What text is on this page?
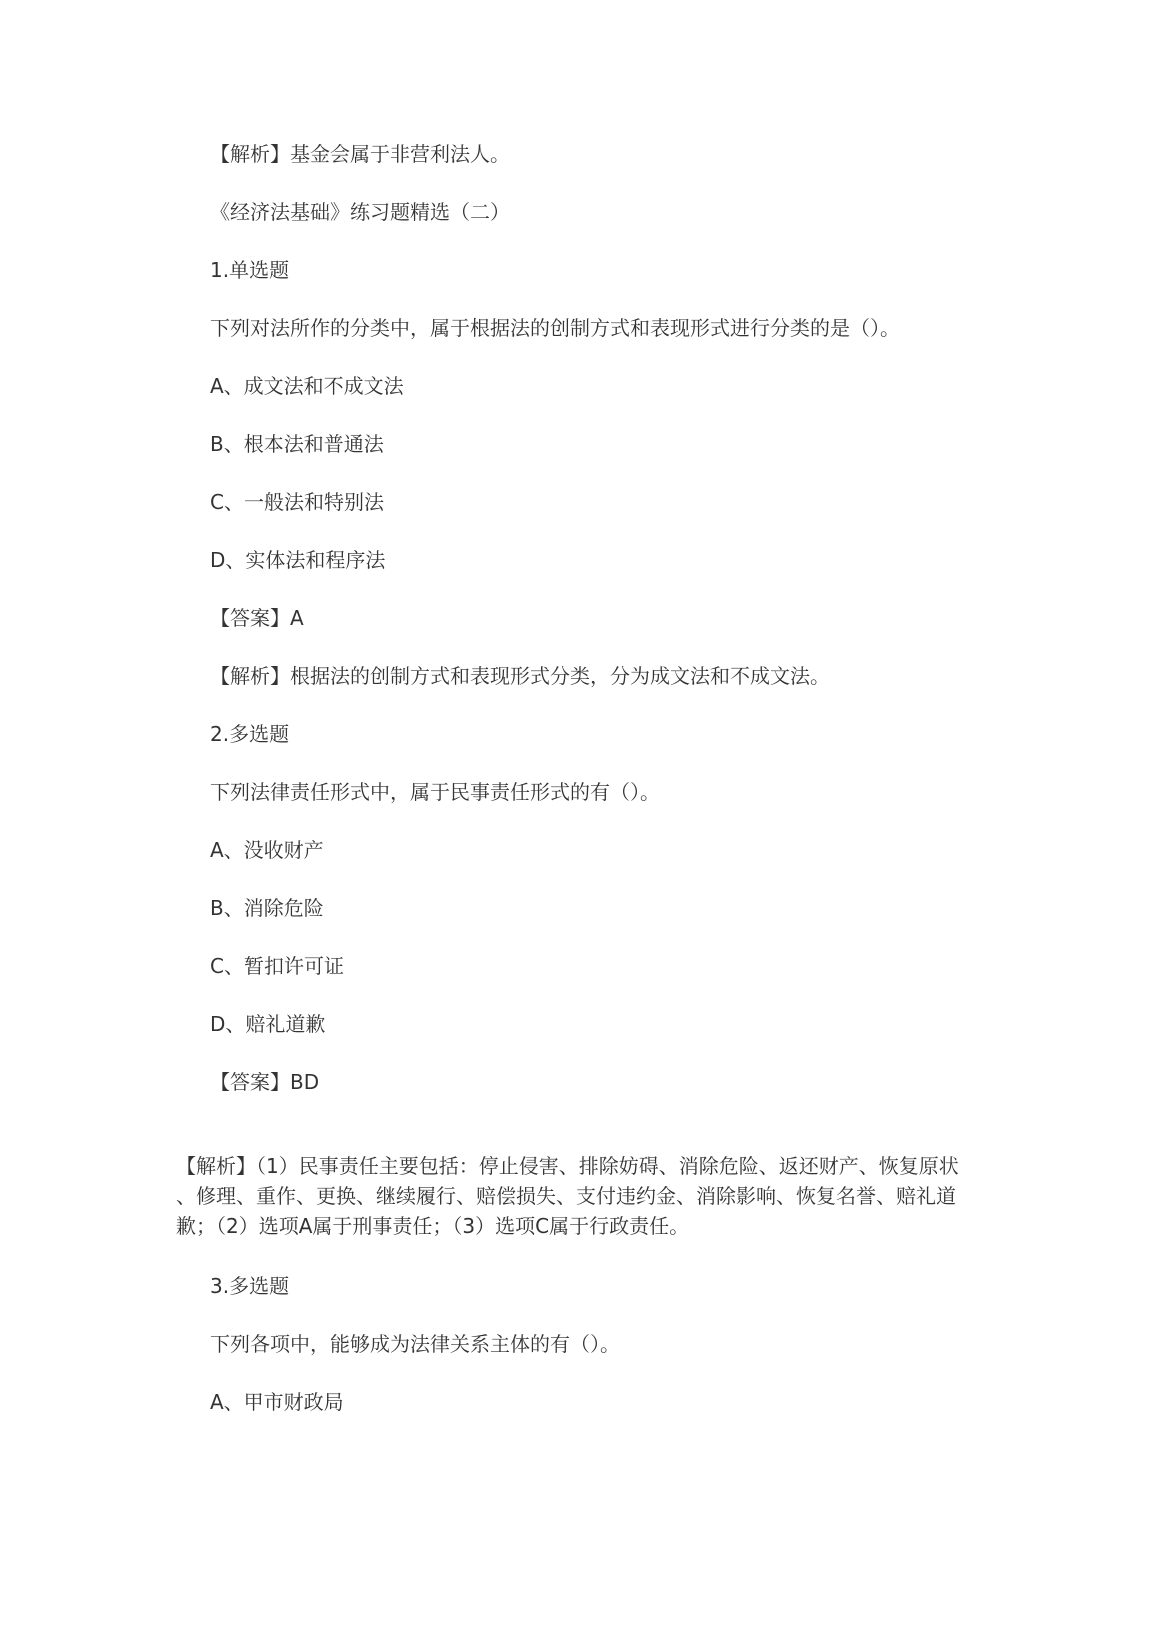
【解析】基金会属于非营利法人。
《经济法基础》练习题精选（二）
1.单选题
下列对法所作的分类中，属于根据法的创制方式和表现形式进行分类的是（）。
A、成文法和不成文法
B、根本法和普通法
C、一般法和特别法
D、实体法和程序法
【答案】A
【解析】根据法的创制方式和表现形式分类，分为成文法和不成文法。
2.多选题
下列法律责任形式中，属于民事责任形式的有（）。
A、没收财产
B、消除危险
C、暂扣许可证
D、赔礼道歉
【答案】BD
【解析】（1）民事责任主要包括：停止侵害、排除妨碍、消除危险、返还财产、恢复原状
、修理、重作、更换、继续履行、赔偿损失、支付违约金、消除影响、恢复名誉、赔礼道
歉；（2）选项A属于刑事责任；（3）选项C属于行政责任。
3.多选题
下列各项中，能够成为法律关系主体的有（）。
A、甲市财政局
